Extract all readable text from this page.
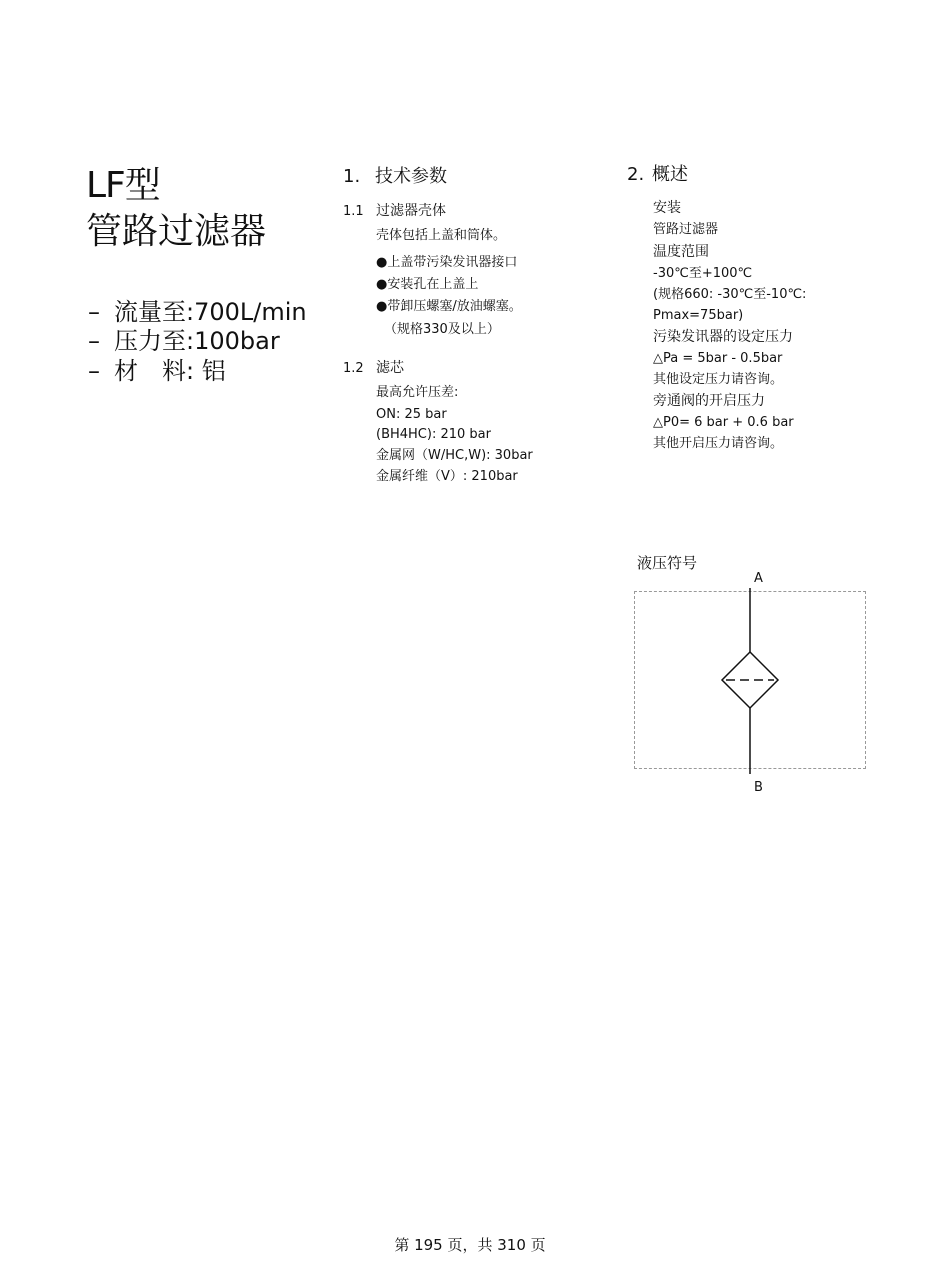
LF型
管路过滤器
– 流量至:700L/min
– 压力至:100bar
– 材　料: 铝
1. 技术参数
1.1 过滤器壳体
壳体包括上盖和筒体。
●上盖带污染发讯器接口
●安装孔在上盖上
●带卸压螺塞/放油螺塞。
（规格330及以上）
1.2 滤芯
最高允许压差:
ON: 25 bar
(BH4HC): 210 bar
金属网（W/HC,W): 30bar
金属纤维（V）: 210bar
2. 概述
安装
管路过滤器
温度范围
-30℃至+100℃
(规格660: -30℃至-10℃:
Pmax=75bar)
污染发讯器的设定压力
△Pa = 5bar - 0.5bar
其他设定压力请咨询。
旁通阀的开启压力
△P0= 6 bar + 0.6 bar
其他开启压力请咨询。
液压符号
A
B
第 195 页，共 310 页
